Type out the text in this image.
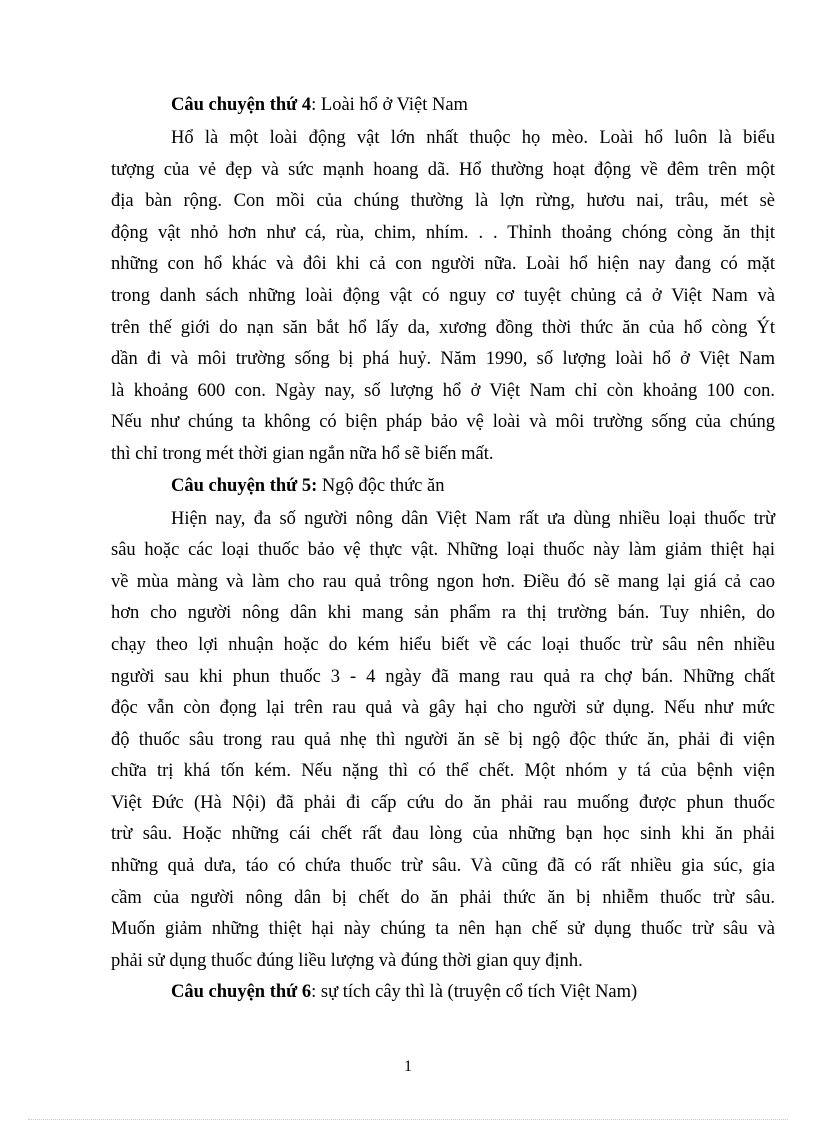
Câu chuyện thứ 4: Loài hổ ở Việt Nam

Hổ là một loài động vật lớn nhất thuộc họ mèo. Loài hổ luôn là biểu
tượng của vẻ đẹp và sức mạnh hoang dã. Hổ thường hoạt động về đêm trên một
địa bàn rộng. Con mồi của chúng thường là lợn rừng, hươu nai, trâu, mét sè
động vật nhỏ hơn như cá, rùa, chim, nhím. . . Thỉnh thoảng chóng còng ăn thịt
những con hổ khác và đôi khi cả con người nữa. Loài hổ hiện nay đang có mặt
trong danh sách những loài động vật có nguy cơ tuyệt chủng cả ở Việt Nam và
trên thế giới do nạn săn bắt hổ lấy da, xương đồng thời thức ăn của hổ còng Ýt
dần đi và môi trường sống bị phá huỷ. Năm 1990, số lượng loài hổ ở Việt Nam
là khoảng 600 con. Ngày nay, số lượng hổ ở Việt Nam chỉ còn khoảng 100 con.
Nếu như chúng ta không có biện pháp bảo vệ loài và môi trường sống của chúng
thì chỉ trong mét thời gian ngắn nữa hổ sẽ biến mất.

Câu chuyện thứ 5: Ngộ độc thức ăn

Hiện nay, đa số người nông dân Việt Nam rất ưa dùng nhiều loại thuốc trừ
sâu hoặc các loại thuốc bảo vệ thực vật. Những loại thuốc này làm giảm thiệt hại
về mùa màng và làm cho rau quả trông ngon hơn. Điều đó sẽ mang lại giá cả cao
hơn cho người nông dân khi mang sản phẩm ra thị trường bán. Tuy nhiên, do
chạy theo lợi nhuận hoặc do kém hiểu biết về các loại thuốc trừ sâu nên nhiều
người sau khi phun thuốc 3 - 4 ngày đã mang rau quả ra chợ bán. Những chất
độc vẫn còn đọng lại trên rau quả và gây hại cho người sử dụng. Nếu như mức
độ thuốc sâu trong rau quả nhẹ thì người ăn sẽ bị ngộ độc thức ăn, phải đi viện
chữa trị khá tốn kém. Nếu nặng thì có thể chết. Một nhóm y tá của bệnh viện
Việt Đức (Hà Nội) đã phải đi cấp cứu do ăn phải rau muống được phun thuốc
trừ sâu. Hoặc những cái chết rất đau lòng của những bạn học sinh khi ăn phải
những quả dưa, táo có chứa thuốc trừ sâu. Và cũng đã có rất nhiều gia súc, gia
cầm của người nông dân bị chết do ăn phải thức ăn bị nhiễm thuốc trừ sâu.
Muốn giảm những thiệt hại này chúng ta nên hạn chế sử dụng thuốc trừ sâu và
phải sử dụng thuốc đúng liều lượng và đúng thời gian quy định.

Câu chuyện thứ 6: sự tích cây thì là (truyện cổ tích Việt Nam)

1
